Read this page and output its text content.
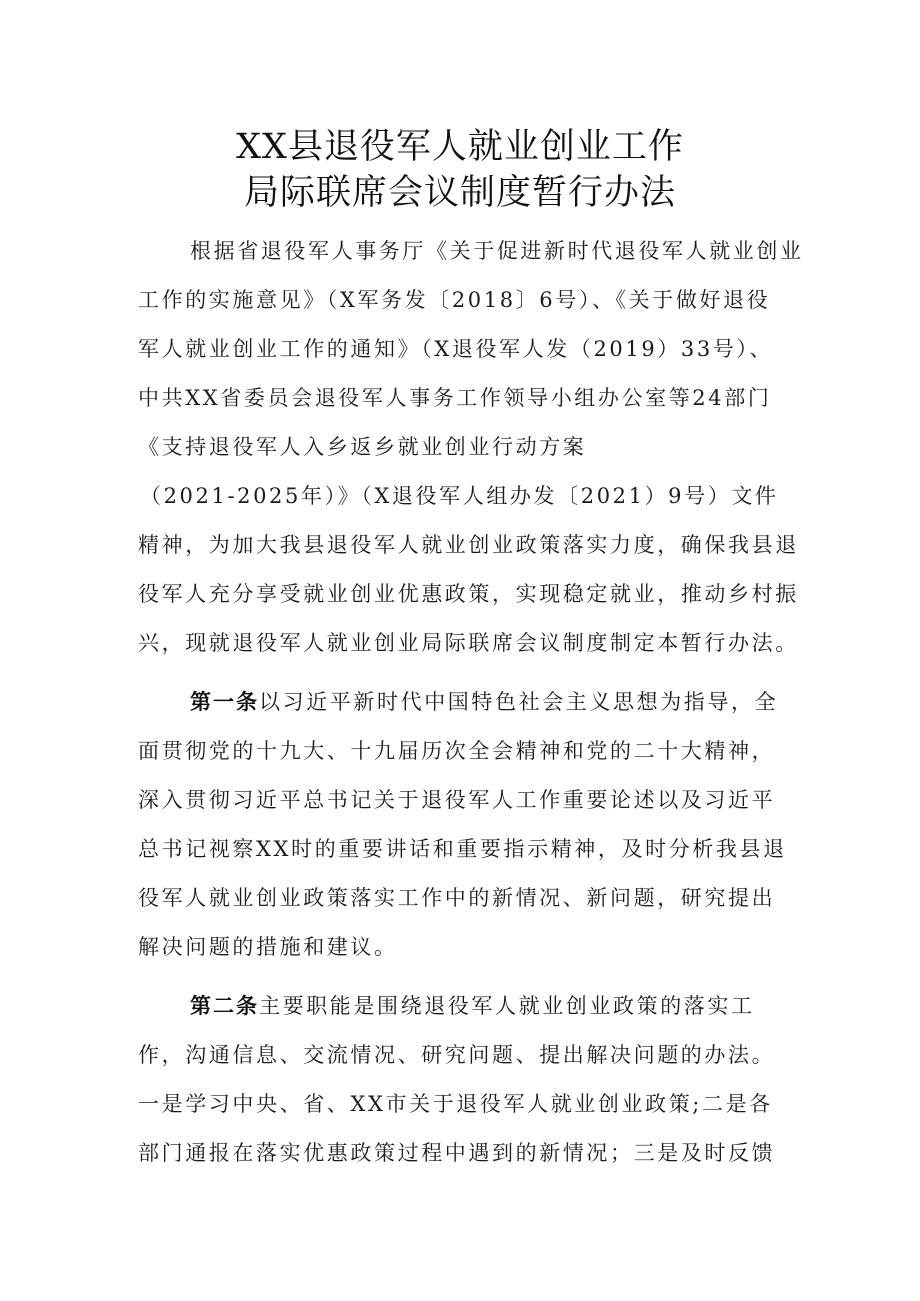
XX县退役军人就业创业工作
局际联席会议制度暂行办法
根据省退役军人事务厅《关于促进新时代退役军人就业创业
工作的实施意见》（X军务发〔2018〕6号）、《关于做好退役
军人就业创业工作的通知》（X退役军人发（2019）33号）、
中共XX省委员会退役军人事务工作领导小组办公室等24部门
《支持退役军人入乡返乡就业创业行动方案
（2021-2025年）》（X退役军人组办发〔2021）9号）文件
精神，为加大我县退役军人就业创业政策落实力度，确保我县退
役军人充分享受就业创业优惠政策，实现稳定就业，推动乡村振
兴，现就退役军人就业创业局际联席会议制度制定本暂行办法。
第一条以习近平新时代中国特色社会主义思想为指导，全
面贯彻党的十九大、十九届历次全会精神和党的二十大精神，
深入贯彻习近平总书记关于退役军人工作重要论述以及习近平
总书记视察XX时的重要讲话和重要指示精神，及时分析我县退
役军人就业创业政策落实工作中的新情况、新问题，研究提出
解决问题的措施和建议。
第二条主要职能是围绕退役军人就业创业政策的落实工
作，沟通信息、交流情况、研究问题、提出解决问题的办法。
一是学习中央、省、XX市关于退役军人就业创业政策;二是各
部门通报在落实优惠政策过程中遇到的新情况；三是及时反馈
